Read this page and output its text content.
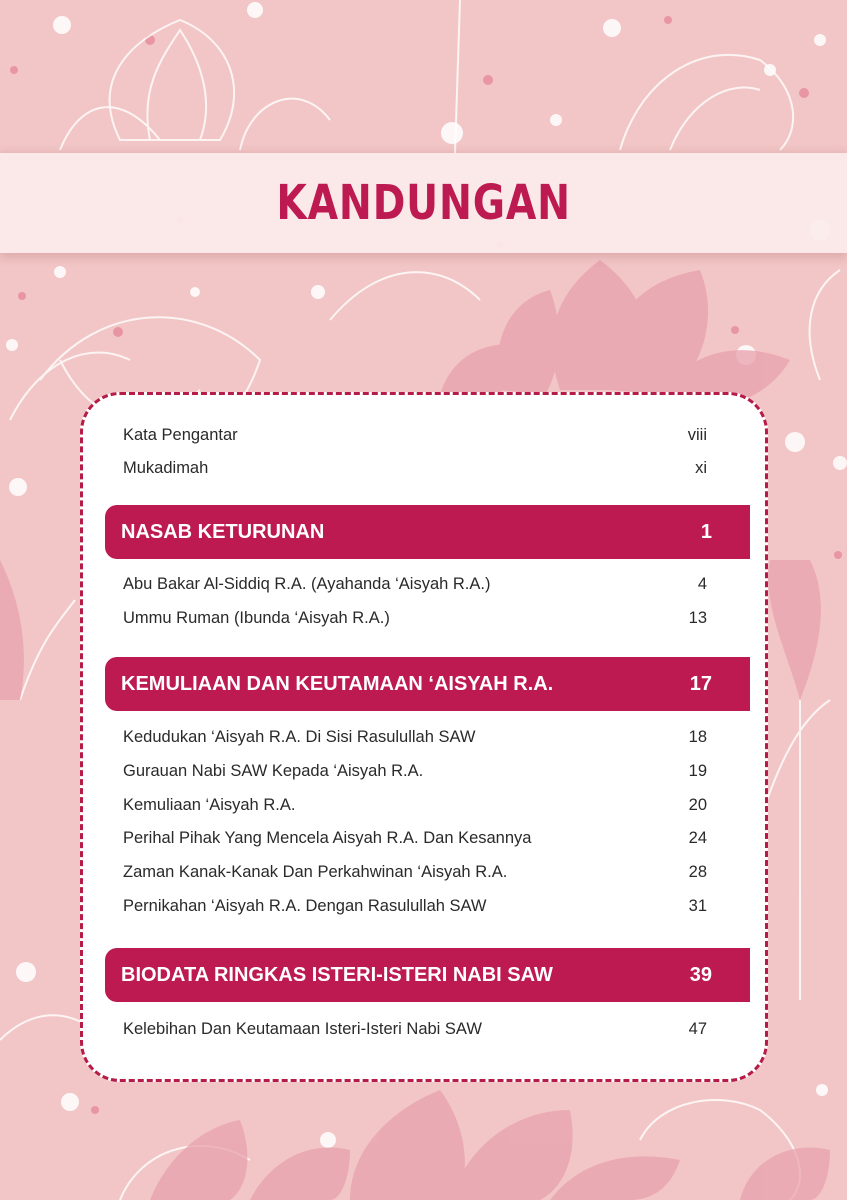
KANDUNGAN
Kata Pengantar	viii
Mukadimah	xi
NASAB KETURUNAN	1
Abu Bakar Al-Siddiq R.A. (Ayahanda ‘Aisyah R.A.)	4
Ummu Ruman (Ibunda ‘Aisyah R.A.)	13
KEMULIAAN DAN KEUTAMAAN ‘AISYAH R.A.	17
Kedudukan ‘Aisyah R.A. Di Sisi Rasulullah SAW	18
Gurauan Nabi SAW Kepada ‘Aisyah R.A.	19
Kemuliaan ‘Aisyah R.A.	20
Perihal Pihak Yang Mencela Aisyah R.A. Dan Kesannya	24
Zaman Kanak-Kanak Dan Perkahwinan ‘Aisyah R.A.	28
Pernikahan ‘Aisyah R.A. Dengan Rasulullah SAW	31
BIODATA RINGKAS ISTERI-ISTERI NABI SAW	39
Kelebihan Dan Keutamaan Isteri-Isteri Nabi SAW	47
